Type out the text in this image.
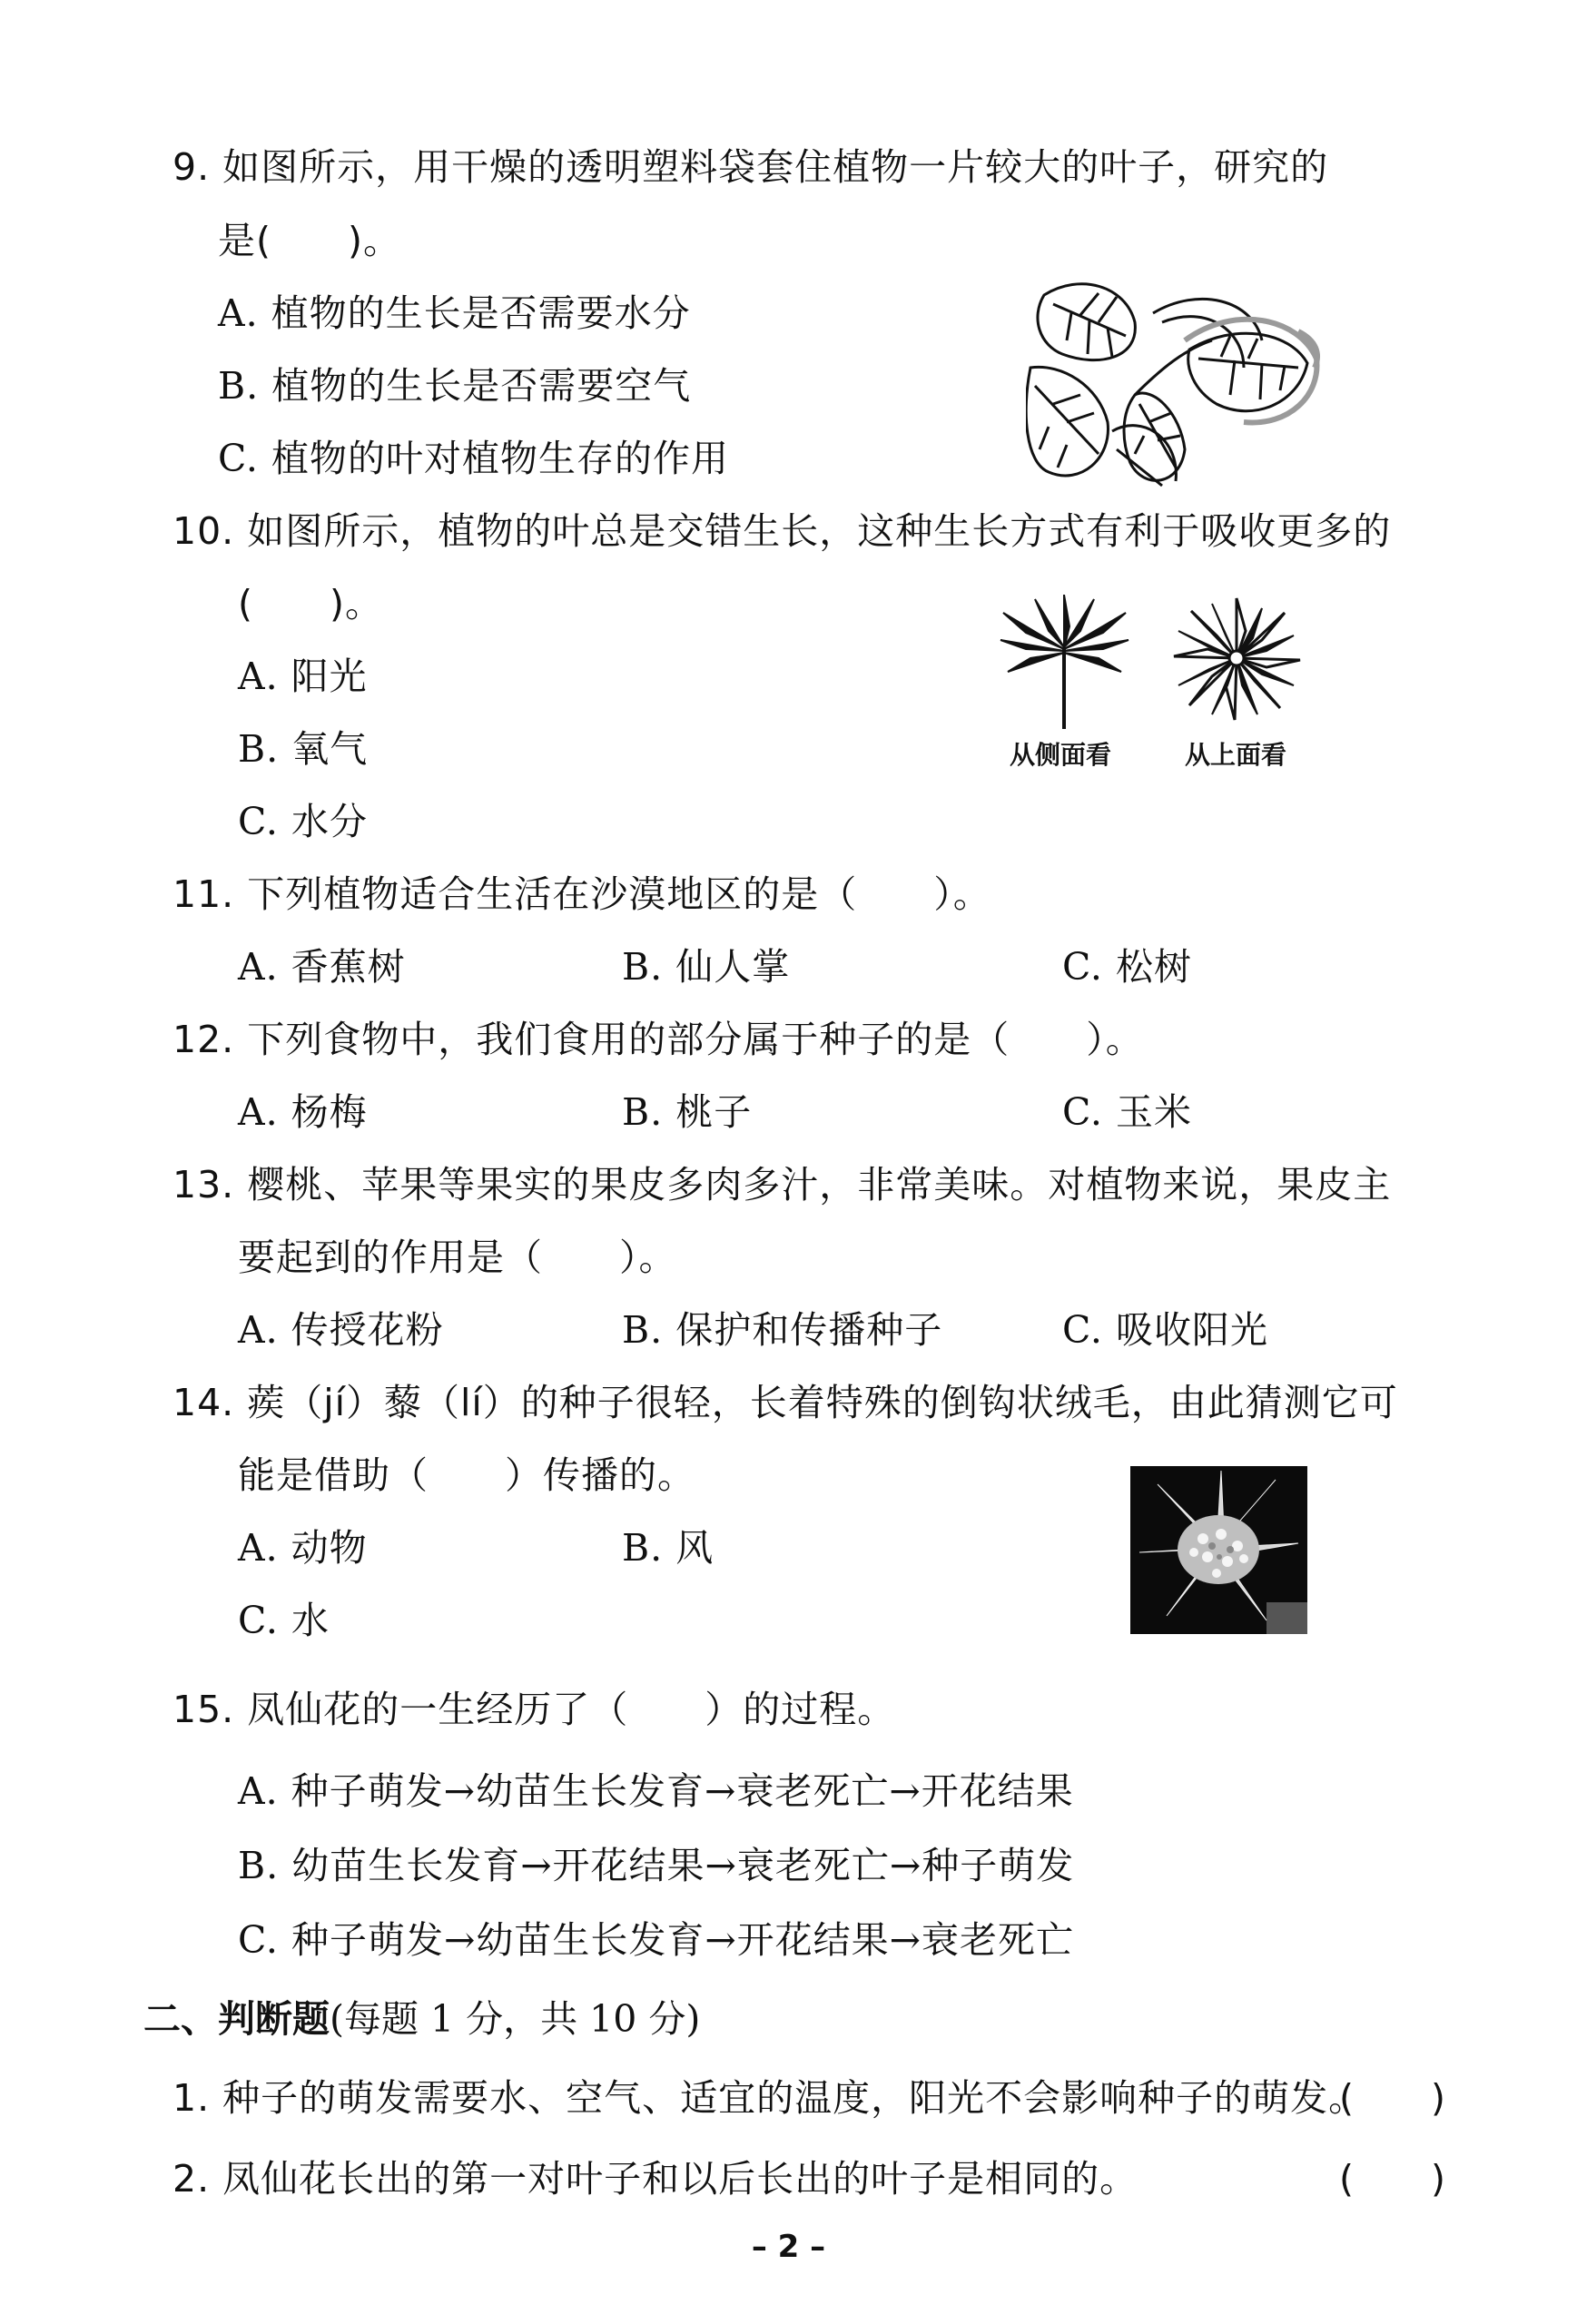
9. 如图所示，用干燥的透明塑料袋套住植物一片较大的叶子，研究的
是(　　)。
A. 植物的生长是否需要水分
B. 植物的生长是否需要空气
C. 植物的叶对植物生存的作用
10. 如图所示，植物的叶总是交错生长，这种生长方式有利于吸收更多的
(　　)。
A. 阳光
B. 氧气
C. 水分
从侧面看	从上面看
11. 下列植物适合生活在沙漠地区的是（　　）。
A. 香蕉树	B. 仙人掌	C. 松树
12. 下列食物中，我们食用的部分属于种子的是（　　）。
A. 杨梅	B. 桃子	C. 玉米
13. 樱桃、苹果等果实的果皮多肉多汁，非常美味。对植物来说，果皮主
要起到的作用是（　　）。
A. 传授花粉	B. 保护和传播种子	C. 吸收阳光
14. 蒺（jí）藜（lí）的种子很轻，长着特殊的倒钩状绒毛，由此猜测它可
能是借助（　　）传播的。
A. 动物	B. 风
C. 水
15. 凤仙花的一生经历了（　　）的过程。
A. 种子萌发→幼苗生长发育→衰老死亡→开花结果
B. 幼苗生长发育→开花结果→衰老死亡→种子萌发
C. 种子萌发→幼苗生长发育→开花结果→衰老死亡
二、判断题(每题 1 分，共 10 分)
1. 种子的萌发需要水、空气、适宜的温度，阳光不会影响种子的萌发。
(　　)
2. 凤仙花长出的第一对叶子和以后长出的叶子是相同的。	(　　)
– 2 –
